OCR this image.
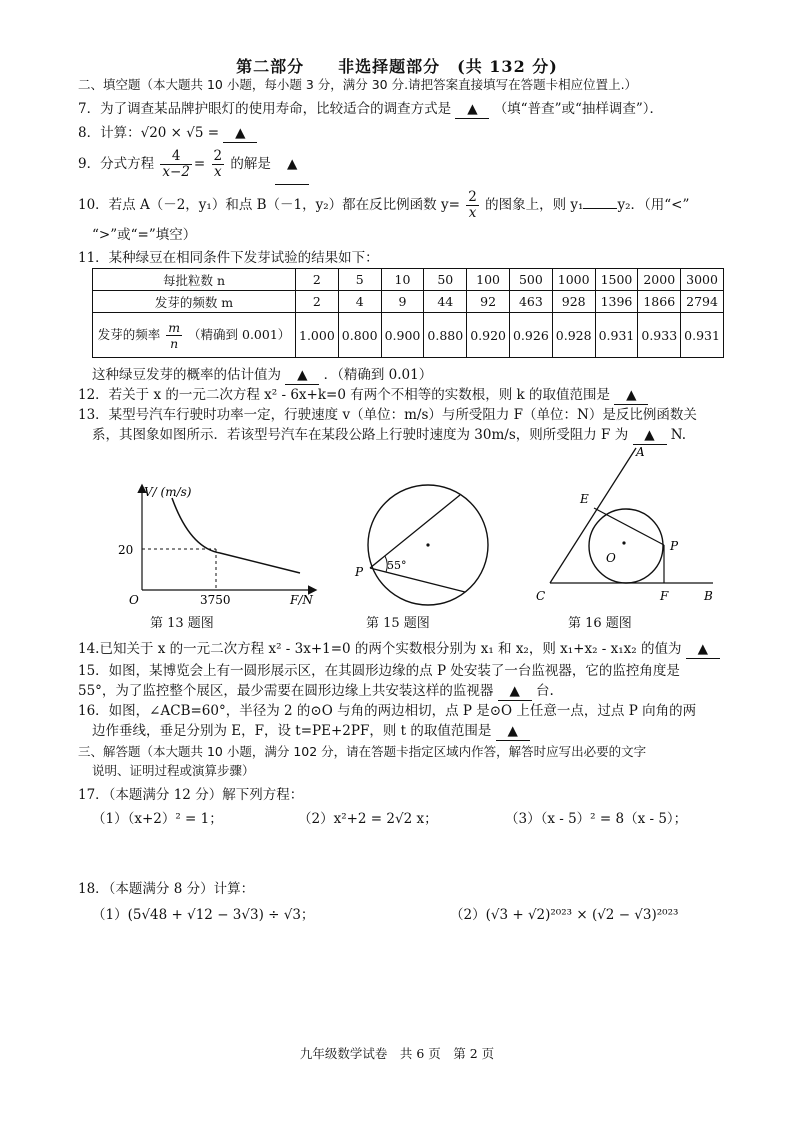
第二部分　　非选择题部分　(共 132 分)
二、填空题（本大题共 10 小题，每小题 3 分，满分 30 分.请把答案直接填写在答题卡相应位置上.）
7．为了调查某品牌护眼灯的使用寿命，比较适合的调查方式是 ▲ （填“普查”或“抽样调查”）．
8．计算：√20 × √5 = ▲
9．分式方程 $\frac{4}{x-2} = \frac{2}{x}$ 的解是 ▲
10．若点 A（－2，y₁）和点 B（－1，y₂）都在反比例函数 $y= \frac{2}{x}$ 的图象上，则 y₁	y₂．（用“<”
“>”或“=”填空）
11．某种绿豆在相同条件下发芽试验的结果如下：
每批粒数 n	2	5	10	50	100	500	1000	1500	2000	3000
发芽的频数 m	2	4	9	44	92	463	928	1396	1866	2794
发芽的频率 $\frac{m}{n}$ （精确到 0.001）	1.000	0.800	0.900	0.880	0.920	0.926	0.928	0.931	0.933	0.931
这种绿豆发芽的概率的估计值为 ▲ ．（精确到 0.01）
12．若关于 x 的一元二次方程 x² - 6x+k=0 有两个不相等的实数根，则 k 的取值范围是 ▲
13．某型号汽车行驶时功率一定，行驶速度 v（单位：m/s）与所受阻力 F（单位：N）是反比例函数关
系，其图象如图所示．若该型号汽车在某段公路上行驶时速度为 30m/s，则所受阻力 F 为 ▲ N.
V/ (m/s)
20
O	3750	F/N
第 13 题图
P 55°
第 15 题图
A
E
O
P
C	F	B
第 16 题图
14.已知关于 x 的一元二次方程 x² - 3x+1=0 的两个实数根分别为 x₁ 和 x₂，则 x₁+x₂ - x₁x₂ 的值为 ▲
15．如图，某博览会上有一圆形展示区，在其圆形边缘的点 P 处安装了一台监视器，它的监控角度是
55°，为了监控整个展区，最少需要在圆形边缘上共安装这样的监视器 ▲ 台.
16．如图，∠ACB=60°，半径为 2 的⊙O 与角的两边相切，点 P 是⊙O 上任意一点，过点 P 向角的两
边作垂线，垂足分别为 E，F，设 t=PE+2PF，则 t 的取值范围是 ▲
三、解答题（本大题共 10 小题，满分 102 分，请在答题卡指定区域内作答，解答时应写出必要的文字
说明、证明过程或演算步骤）
17．（本题满分 12 分）解下列方程：
（1）（x+2）² = 1；	（2）x²+2 = 2√2 x；	（3）（x - 5）² = 8（x - 5）；
18．（本题满分 8 分）计算：
（1）(5√48 + √12 − 3√3) ÷ √3；	（2）(√3 + √2)²⁰²³ × (√2 − √3)²⁰²³
九年级数学试卷　共 6 页　第 2 页
